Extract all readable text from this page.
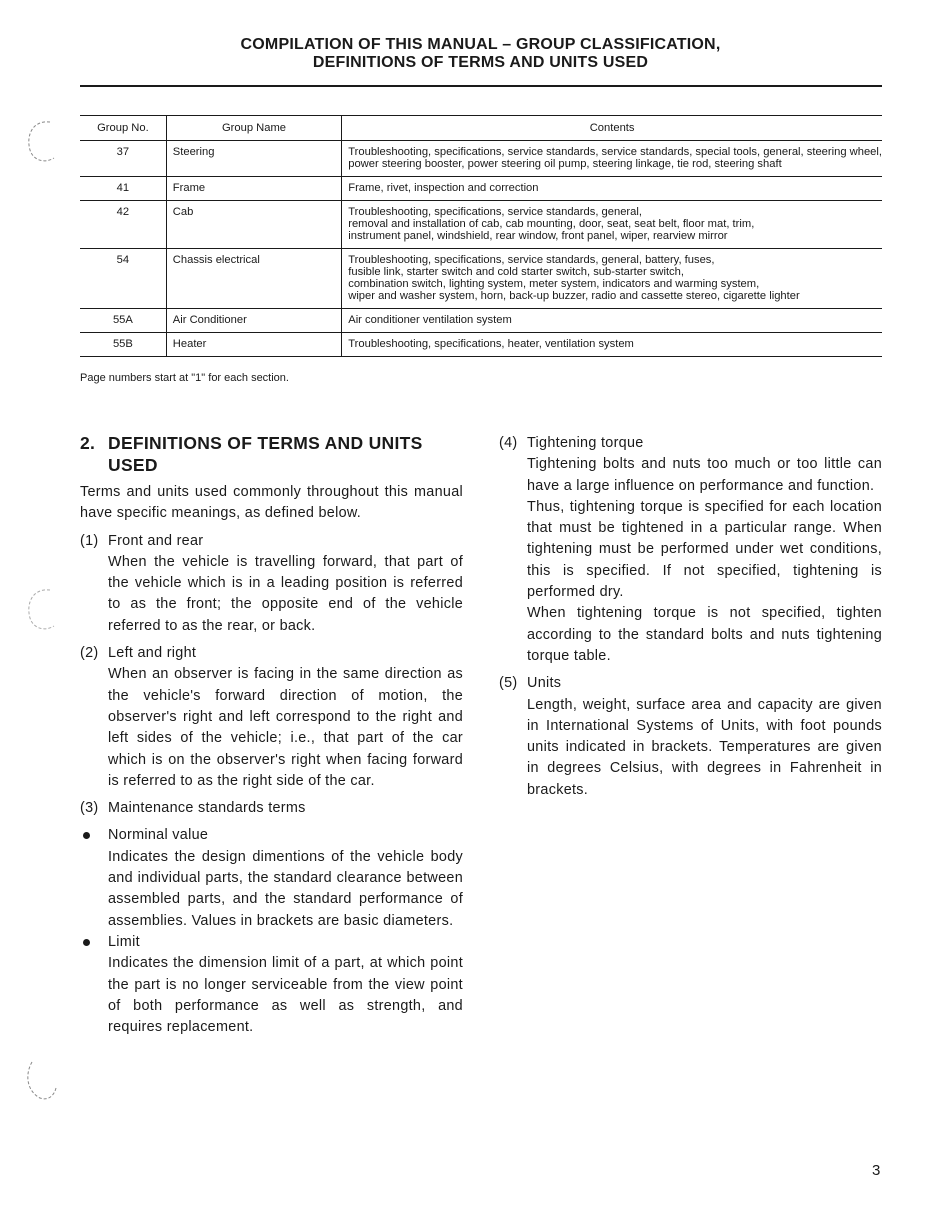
COMPILATION OF THIS MANUAL – GROUP CLASSIFICATION,
DEFINITIONS OF TERMS AND UNITS USED
Group No.	Group Name	Contents
37	Steering	Troubleshooting, specifications, service standards, service standards, special tools, general, steering wheel,
power steering booster, power steering oil pump, steering linkage, tie rod, steering shaft

41	Frame	Frame, rivet, inspection and correction

42	Cab	Troubleshooting, specifications, service standards, general,
removal and installation of cab, cab mounting, door, seat, seat belt, floor mat, trim,
instrument panel, windshield, rear window, front panel, wiper, rearview mirror

54	Chassis electrical	Troubleshooting, specifications, service standards, general, battery, fuses,
fusible link, starter switch and cold starter switch, sub-starter switch,
combination switch, lighting system, meter system, indicators and warming system,
wiper and washer system, horn, back-up buzzer, radio and cassette stereo, cigarette lighter

55A	Air Conditioner	Air conditioner ventilation system

55B	Heater	Troubleshooting, specifications, heater, ventilation system
Page numbers start at "1" for each section.
2. DEFINITIONS OF TERMS AND UNITS USED

Terms and units used commonly throughout this manual have specific meanings, as defined below.

(1) Front and rear

When the vehicle is travelling forward, that part of the vehicle which is in a leading position is referred to as the front; the opposite end of the vehicle referred to as the rear, or back.

(2) Left and right

When an observer is facing in the same direction as the vehicle's forward direction of motion, the observer's right and left correspond to the right and left sides of the vehicle; i.e., that part of the car which is on the observer's right when facing forward is referred to as the right side of the car.

(3) Maintenance standards terms
Norminal value

Indicates the design dimentions of the vehicle body and individual parts, the standard clearance between assembled parts, and the standard performance of assemblies. Values in brackets are basic diameters.

Limit

Indicates the dimension limit of a part, at which point the part is no longer serviceable from the view point of both performance as well as strength, and requires replacement.

(4) Tightening torque

Tightening bolts and nuts too much or too little can have a large influence on performance and function.

Thus, tightening torque is specified for each location that must be tightened in a particular range. When tightening must be performed under wet conditions, this is specified. If not specified, tightening is performed dry.

When tightening torque is not specified, tighten according to the standard bolts and nuts tightening torque table.

(5) Units

Length, weight, surface area and capacity are given in International Systems of Units, with foot pounds units indicated in brackets. Temperatures are given in degrees Celsius, with degrees in Fahrenheit in brackets.

3
